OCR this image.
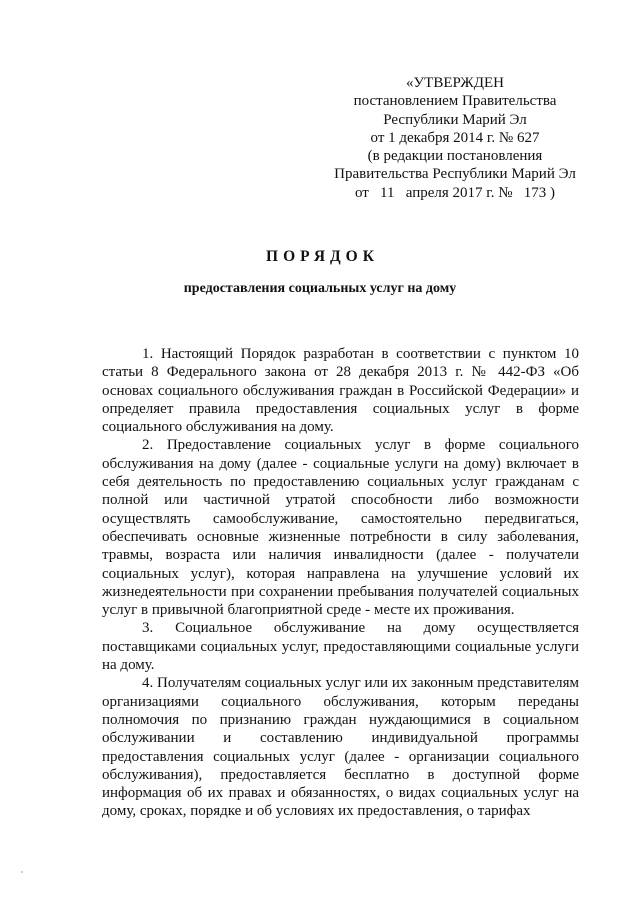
«УТВЕРЖДЕН
постановлением Правительства
Республики Марий Эл
от 1 декабря 2014 г. № 627
(в редакции постановления
Правительства Республики Марий Эл
от   11   апреля 2017 г. №   173 )
ПОРЯДОК
предоставления социальных услуг на дому

1. Настоящий Порядок разработан в соответствии с пунктом 10 статьи 8 Федерального закона от 28 декабря 2013 г. № 442-ФЗ «Об основах социального обслуживания граждан в Российской Федерации» и определяет правила предоставления социальных услуг в форме социального обслуживания на дому.

2. Предоставление социальных услуг в форме социального обслуживания на дому (далее - социальные услуги на дому) включает в себя деятельность по предоставлению социальных услуг гражданам с полной или частичной утратой способности либо возможности осуществлять самообслуживание, самостоятельно передвигаться, обеспечивать основные жизненные потребности в силу заболевания, травмы, возраста или наличия инвалидности (далее - получатели социальных услуг), которая направлена на улучшение условий их жизнедеятельности при сохранении пребывания получателей социальных услуг в привычной благоприятной среде - месте их проживания.

3. Социальное обслуживание на дому осуществляется поставщиками социальных услуг, предоставляющими социальные услуги на дому.

4. Получателям социальных услуг или их законным представителям организациями социального обслуживания, которым переданы полномочия по признанию граждан нуждающимися в социальном обслуживании и составлению индивидуальной программы предоставления социальных услуг (далее - организации социального обслуживания), предоставляется бесплатно в доступной форме информация об их правах и обязанностях, о видах социальных услуг на дому, сроках, порядке и об условиях их предоставления, о тарифах
